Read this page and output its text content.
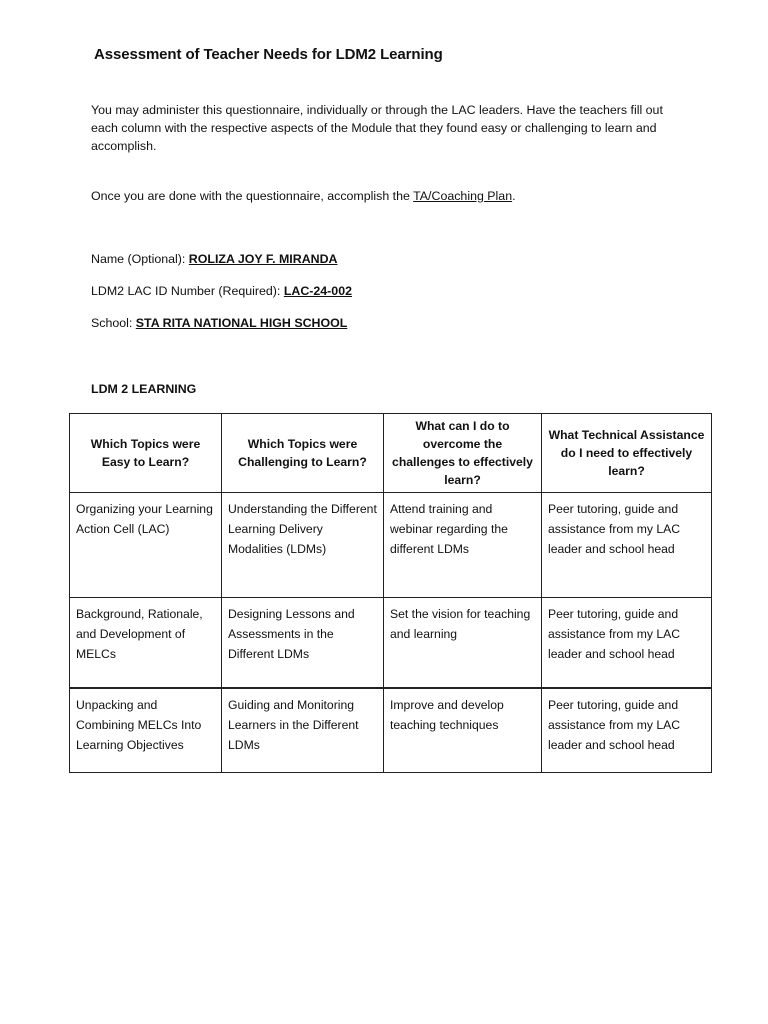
Assessment of Teacher Needs for LDM2 Learning
You may administer this questionnaire, individually or through the LAC leaders. Have the teachers fill out each column with the respective aspects of the Module that they found easy or challenging to learn and accomplish.
Once you are done with the questionnaire, accomplish the TA/Coaching Plan.
Name (Optional): ROLIZA JOY F. MIRANDA
LDM2 LAC ID Number (Required): LAC-24-002
School: STA RITA NATIONAL HIGH SCHOOL
LDM 2 LEARNING
Which Topics were Easy to Learn?	Which Topics were Challenging to Learn?	What can I do to overcome the challenges to effectively learn?	What Technical Assistance do I need to effectively learn?
Organizing your Learning Action Cell (LAC)	Understanding the Different Learning Delivery Modalities (LDMs)	Attend training and webinar regarding the different LDMs	Peer tutoring, guide and assistance from my LAC leader and school head
Background, Rationale, and Development of MELCs	Designing Lessons and Assessments in the Different LDMs	Set the vision for teaching and learning	Peer tutoring, guide and assistance from my LAC leader and school head
Unpacking and Combining MELCs Into Learning Objectives	Guiding and Monitoring Learners in the Different LDMs	Improve and develop teaching techniques	Peer tutoring, guide and assistance from my LAC leader and school head
